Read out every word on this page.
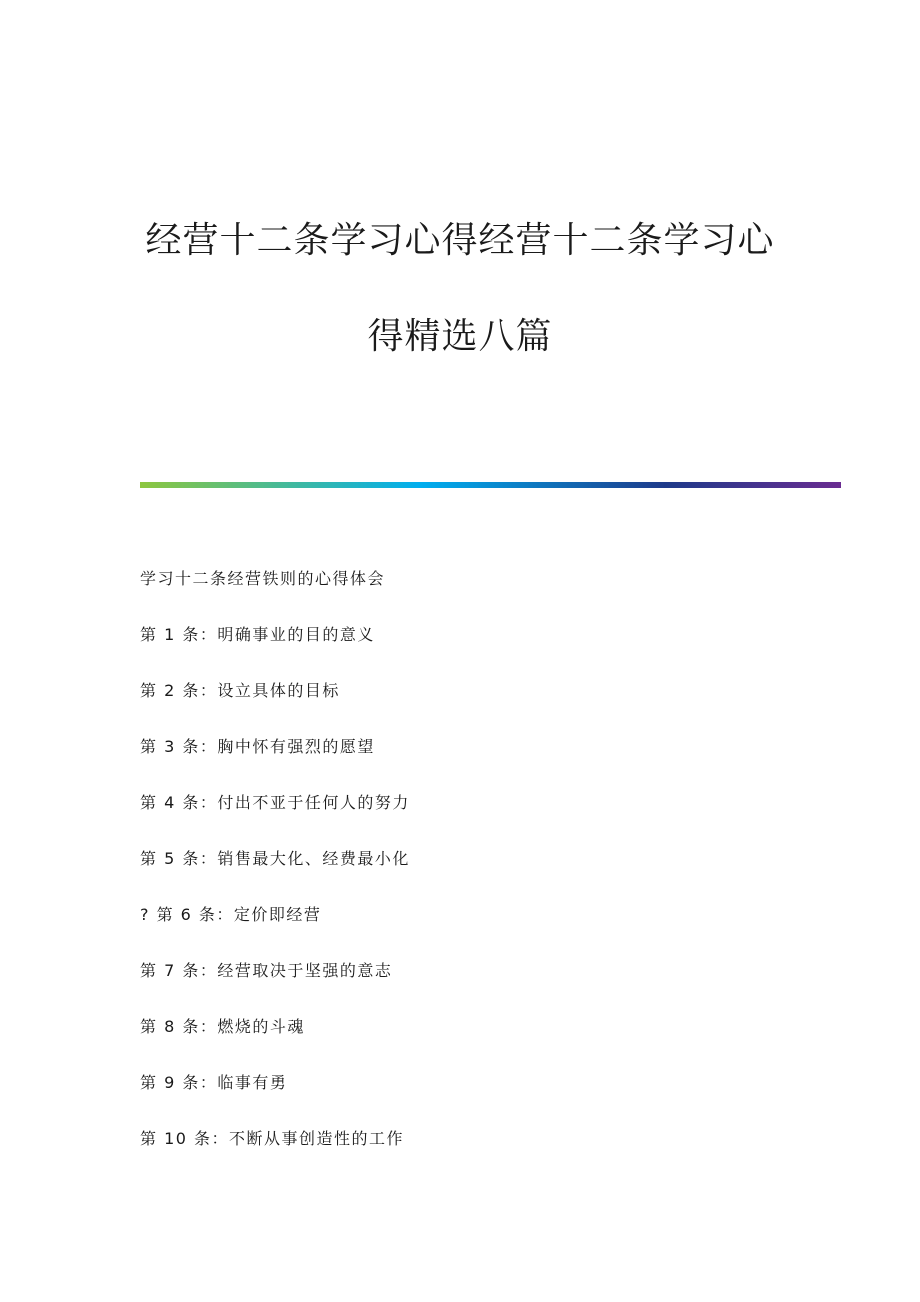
经营十二条学习心得经营十二条学习心
得精选八篇
学习十二条经营铁则的心得体会
第 1 条：明确事业的目的意义
第 2 条：设立具体的目标
第 3 条：胸中怀有强烈的愿望
第 4 条：付出不亚于任何人的努力
第 5 条：销售最大化、经费最小化
? 第 6 条：定价即经营
第 7 条：经营取决于坚强的意志
第 8 条：燃烧的斗魂
第 9 条：临事有勇
第 10 条：不断从事创造性的工作
